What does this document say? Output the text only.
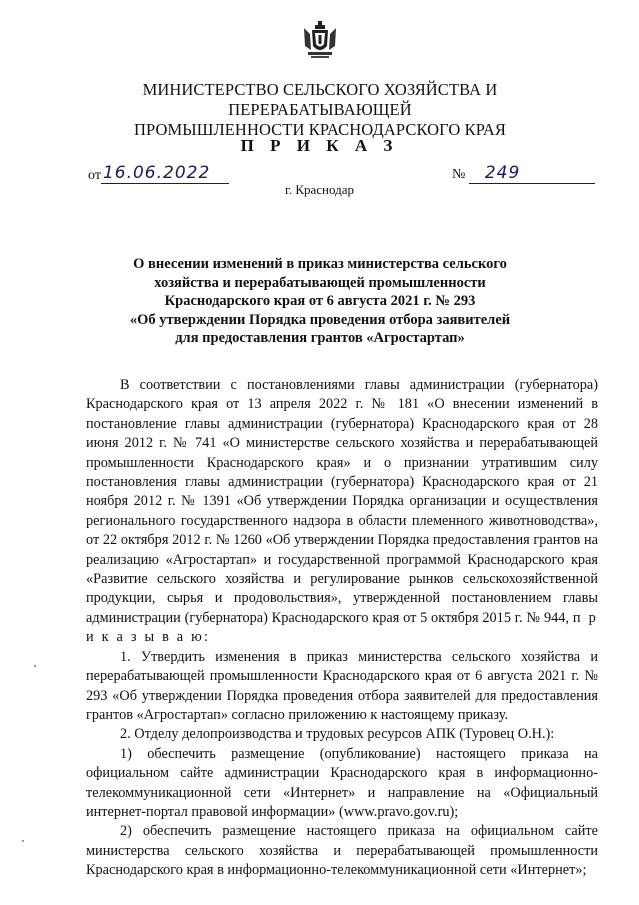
МИНИСТЕРСТВО СЕЛЬСКОГО ХОЗЯЙСТВА И ПЕРЕРАБАТЫВАЮЩЕЙ
ПРОМЫШЛЕННОСТИ КРАСНОДАРСКОГО КРАЯ
П Р И К А З
от 16.06.2022	№ 249
г. Краснодар
О внесении изменений в приказ министерства сельского
хозяйства и перерабатывающей промышленности
Краснодарского края от 6 августа 2021 г. № 293
«Об утверждении Порядка проведения отбора заявителей
для предоставления грантов «Агростартап»

В соответствии с постановлениями главы администрации (губернатора) Краснодарского края от 13 апреля 2022 г. № 181 «О внесении изменений в постановление главы администрации (губернатора) Краснодарского края от 28 июня 2012 г. № 741 «О министерстве сельского хозяйства и перерабатывающей промышленности Краснодарского края» и о признании утратившим силу постановления главы администрации (губернатора) Краснодарского края от 21 ноября 2012 г. № 1391 «Об утверждении Порядка организации и осуществления регионального государственного надзора в области племенного животноводства», от 22 октября 2012 г. № 1260 «Об утверждении Порядка предоставления грантов на реализацию «Агростартап» и государственной программой Краснодарского края «Развитие сельского хозяйства и регулирование рынков сельскохозяйственной продукции, сырья и продовольствия», утвержденной постановлением главы администрации (губернатора) Краснодарского края от 5 октября 2015 г. № 944, п р и к а з ы в а ю:

1. Утвердить изменения в приказ министерства сельского хозяйства и перерабатывающей промышленности Краснодарского края от 6 августа 2021 г. № 293 «Об утверждении Порядка проведения отбора заявителей для предоставления грантов «Агростартап» согласно приложению к настоящему приказу.

2. Отделу делопроизводства и трудовых ресурсов АПК (Туровец О.Н.):

1) обеспечить размещение (опубликование) настоящего приказа на официальном сайте администрации Краснодарского края в информационно-телекоммуникационной сети «Интернет» и направление на «Официальный интернет-портал правовой информации» (www.pravo.gov.ru);

2) обеспечить размещение настоящего приказа на официальном сайте министерства сельского хозяйства и перерабатывающей промышленности Краснодарского края в информационно-телекоммуникационной сети «Интернет»;
